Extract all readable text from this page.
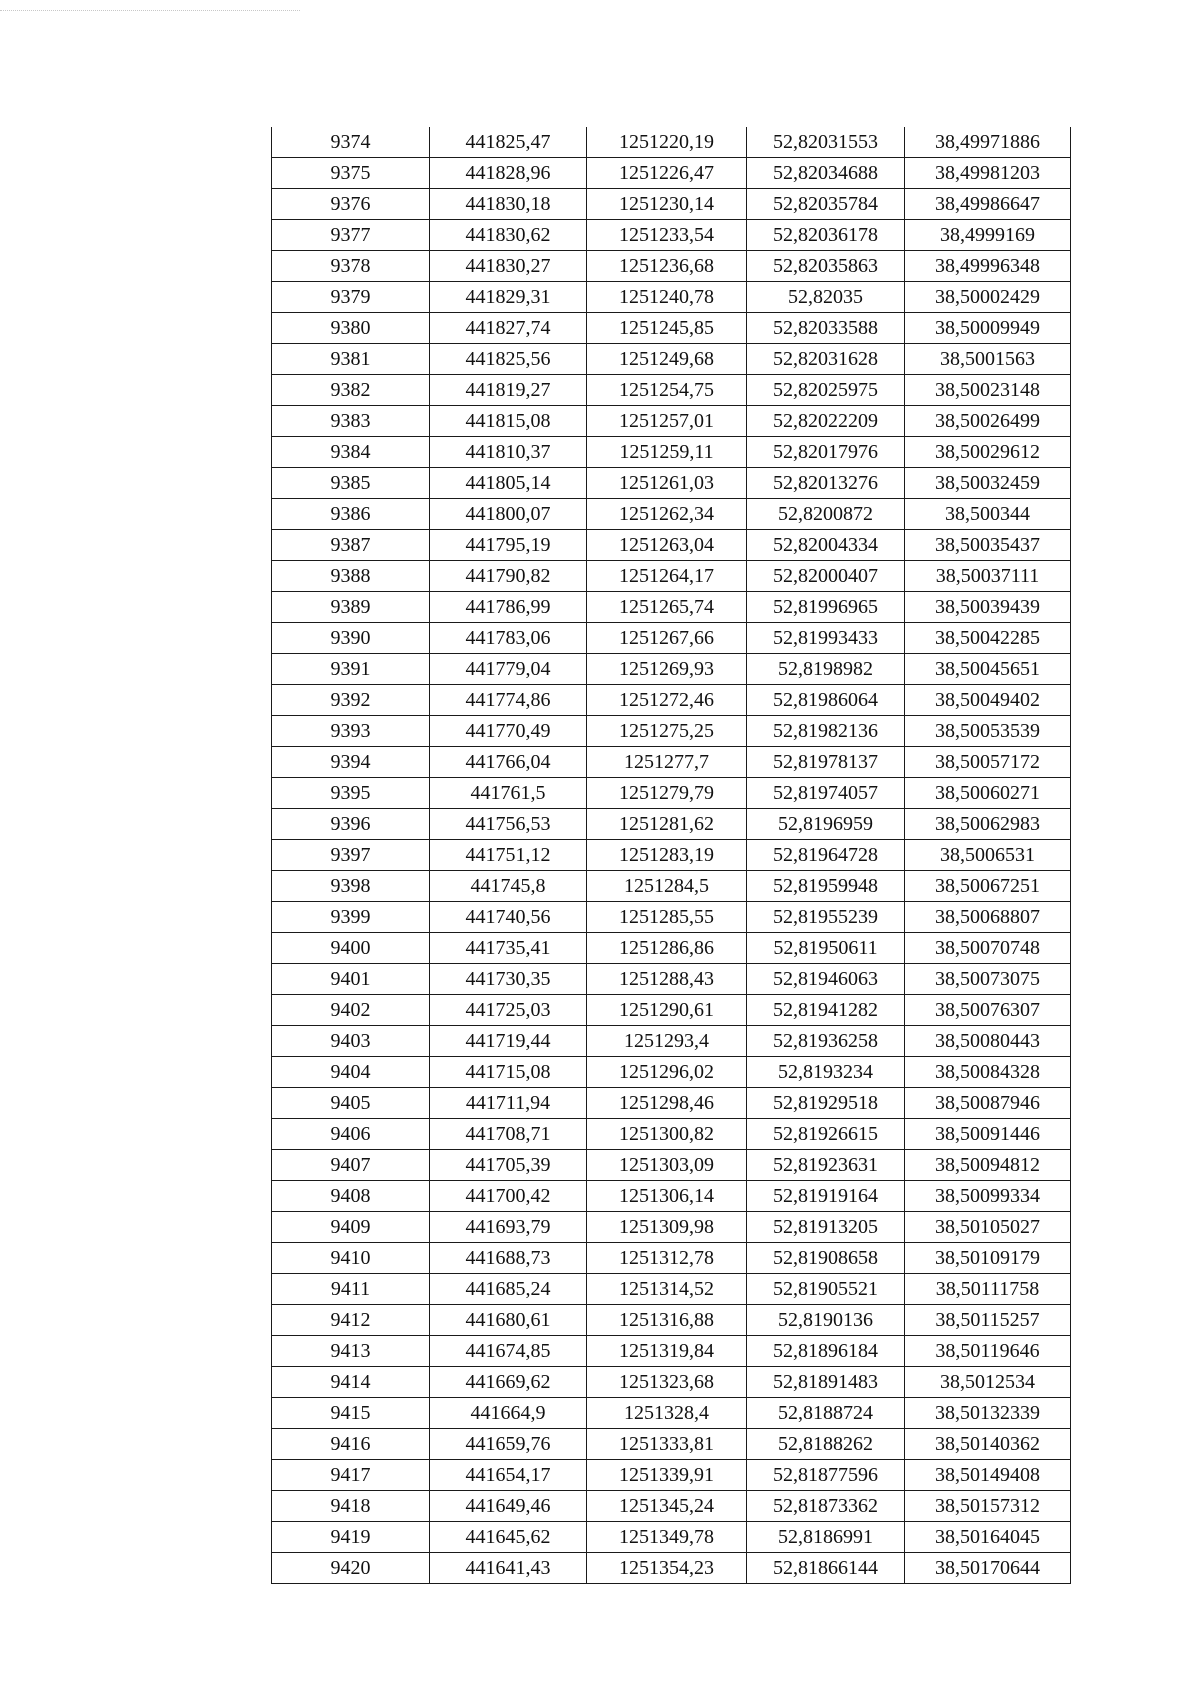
9374	441825,47	1251220,19	52,82031553	38,49971886
9375	441828,96	1251226,47	52,82034688	38,49981203
9376	441830,18	1251230,14	52,82035784	38,49986647
9377	441830,62	1251233,54	52,82036178	38,4999169
9378	441830,27	1251236,68	52,82035863	38,49996348
9379	441829,31	1251240,78	52,82035	38,50002429
9380	441827,74	1251245,85	52,82033588	38,50009949
9381	441825,56	1251249,68	52,82031628	38,5001563
9382	441819,27	1251254,75	52,82025975	38,50023148
9383	441815,08	1251257,01	52,82022209	38,50026499
9384	441810,37	1251259,11	52,82017976	38,50029612
9385	441805,14	1251261,03	52,82013276	38,50032459
9386	441800,07	1251262,34	52,8200872	38,500344
9387	441795,19	1251263,04	52,82004334	38,50035437
9388	441790,82	1251264,17	52,82000407	38,50037111
9389	441786,99	1251265,74	52,81996965	38,50039439
9390	441783,06	1251267,66	52,81993433	38,50042285
9391	441779,04	1251269,93	52,8198982	38,50045651
9392	441774,86	1251272,46	52,81986064	38,50049402
9393	441770,49	1251275,25	52,81982136	38,50053539
9394	441766,04	1251277,7	52,81978137	38,50057172
9395	441761,5	1251279,79	52,81974057	38,50060271
9396	441756,53	1251281,62	52,8196959	38,50062983
9397	441751,12	1251283,19	52,81964728	38,5006531
9398	441745,8	1251284,5	52,81959948	38,50067251
9399	441740,56	1251285,55	52,81955239	38,50068807
9400	441735,41	1251286,86	52,81950611	38,50070748
9401	441730,35	1251288,43	52,81946063	38,50073075
9402	441725,03	1251290,61	52,81941282	38,50076307
9403	441719,44	1251293,4	52,81936258	38,50080443
9404	441715,08	1251296,02	52,8193234	38,50084328
9405	441711,94	1251298,46	52,81929518	38,50087946
9406	441708,71	1251300,82	52,81926615	38,50091446
9407	441705,39	1251303,09	52,81923631	38,50094812
9408	441700,42	1251306,14	52,81919164	38,50099334
9409	441693,79	1251309,98	52,81913205	38,50105027
9410	441688,73	1251312,78	52,81908658	38,50109179
9411	441685,24	1251314,52	52,81905521	38,50111758
9412	441680,61	1251316,88	52,8190136	38,50115257
9413	441674,85	1251319,84	52,81896184	38,50119646
9414	441669,62	1251323,68	52,81891483	38,5012534
9415	441664,9	1251328,4	52,8188724	38,50132339
9416	441659,76	1251333,81	52,8188262	38,50140362
9417	441654,17	1251339,91	52,81877596	38,50149408
9418	441649,46	1251345,24	52,81873362	38,50157312
9419	441645,62	1251349,78	52,8186991	38,50164045
9420	441641,43	1251354,23	52,81866144	38,50170644
